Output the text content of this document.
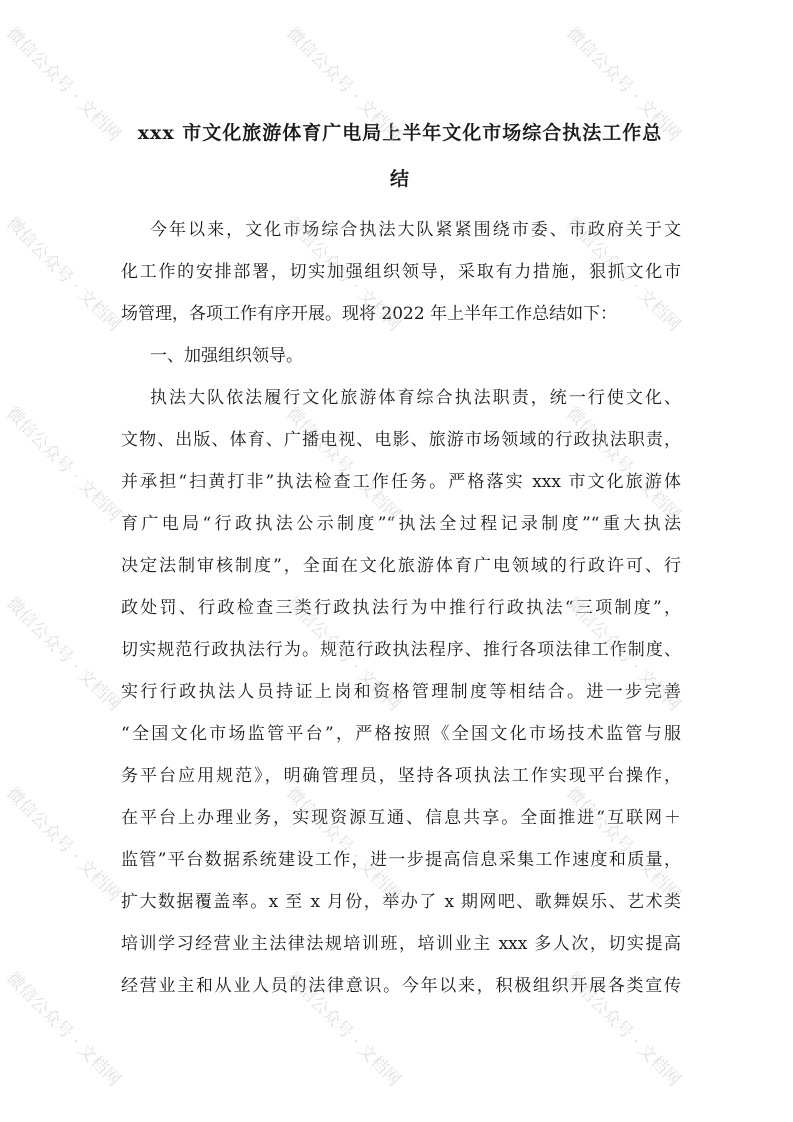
xxx 市文化旅游体育广电局上半年文化市场综合执法工作总
结
今年以来，文化市场综合执法大队紧紧围绕市委、市政府关于文
化工作的安排部署，切实加强组织领导，采取有力措施，狠抓文化市
场管理，各项工作有序开展。现将 2022 年上半年工作总结如下：
一、加强组织领导。
执法大队依法履行文化旅游体育综合执法职责，统一行使文化、
文物、出版、体育、广播电视、电影、旅游市场领域的行政执法职责，
并承担“扫黄打非”执法检查工作任务。严格落实 xxx 市文化旅游体
育广电局“行政执法公示制度”“执法全过程记录制度”“重大执法
决定法制审核制度”，全面在文化旅游体育广电领域的行政许可、行
政处罚、行政检查三类行政执法行为中推行行政执法“三项制度”，
切实规范行政执法行为。规范行政执法程序、推行各项法律工作制度、
实行行政执法人员持证上岗和资格管理制度等相结合。进一步完善
“全国文化市场监管平台”，严格按照《全国文化市场技术监管与服
务平台应用规范》，明确管理员，坚持各项执法工作实现平台操作，
在平台上办理业务，实现资源互通、信息共享。全面推进“互联网＋
监管”平台数据系统建设工作，进一步提高信息采集工作速度和质量，
扩大数据覆盖率。x 至 x 月份，举办了 x 期网吧、歌舞娱乐、艺术类
培训学习经营业主法律法规培训班，培训业主 xxx 多人次，切实提高
经营业主和从业人员的法律意识。今年以来，积极组织开展各类宣传
微信公众号 · 文档网	微信公众号 · 文档网	微信公众号 · 文档网
微信公众号 · 文档网	微信公众号 · 文档网	微信公众号 · 文档网
微信公众号 · 文档网	微信公众号 · 文档网	微信公众号 · 文档网
微信公众号 · 文档网	微信公众号 · 文档网	微信公众号 · 文档网
微信公众号 · 文档网	微信公众号 · 文档网	微信公众号 · 文档网
微信公众号 · 文档网	微信公众号 · 文档网	微信公众号 · 文档网
